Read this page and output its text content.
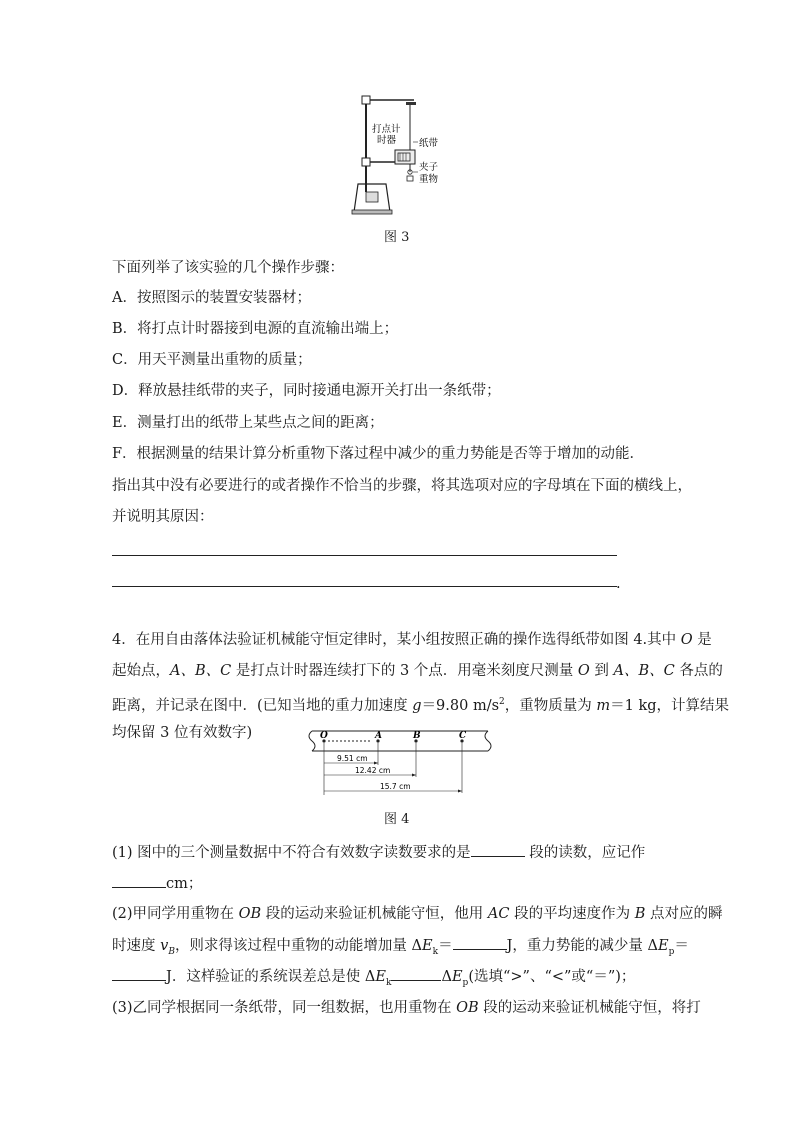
打点计
时器 纸带
夹子
重物
图 3
下面列举了该实验的几个操作步骤：
A．按照图示的装置安装器材；
B．将打点计时器接到电源的直流输出端上；
C．用天平测量出重物的质量；
D．释放悬挂纸带的夹子，同时接通电源开关打出一条纸带；
E．测量打出的纸带上某些点之间的距离；
F．根据测量的结果计算分析重物下落过程中减少的重力势能是否等于增加的动能．
指出其中没有必要进行的或者操作不恰当的步骤，将其选项对应的字母填在下面的横线上，
并说明其原因：
.
4．在用自由落体法验证机械能守恒定律时，某小组按照正确的操作选得纸带如图 4.其中 O 是
起始点，A、B、C 是打点计时器连续打下的 3 个点．用毫米刻度尺测量 O 到 A、B、C 各点的
距离，并记录在图中．(已知当地的重力加速度 g＝9.80 $m/s^2$，重物质量为 m＝1 kg，计算结果
均保留 3 位有效数字)	O	A	B	C
9.51 cm
12.42 cm
15.7 cm
图 4
(1) 图中的三个测量数据中不符合有效数字读数要求的是	段的读数，应记作
cm；
(2)甲同学用重物在 OB 段的运动来验证机械能守恒，他用 AC 段的平均速度作为 B 点对应的瞬
时速度 $v_B$，则求得该过程中重物的动能增加量 $\Delta E_k=$	J，重力势能的减少量 $\Delta E_p=$
J．这样验证的系统误差总是使 $\Delta E_k$	$\Delta E_p$(选填“>”、“<”或“＝”)；
(3)乙同学根据同一条纸带，同一组数据，也用重物在 OB 段的运动来验证机械能守恒，将打
